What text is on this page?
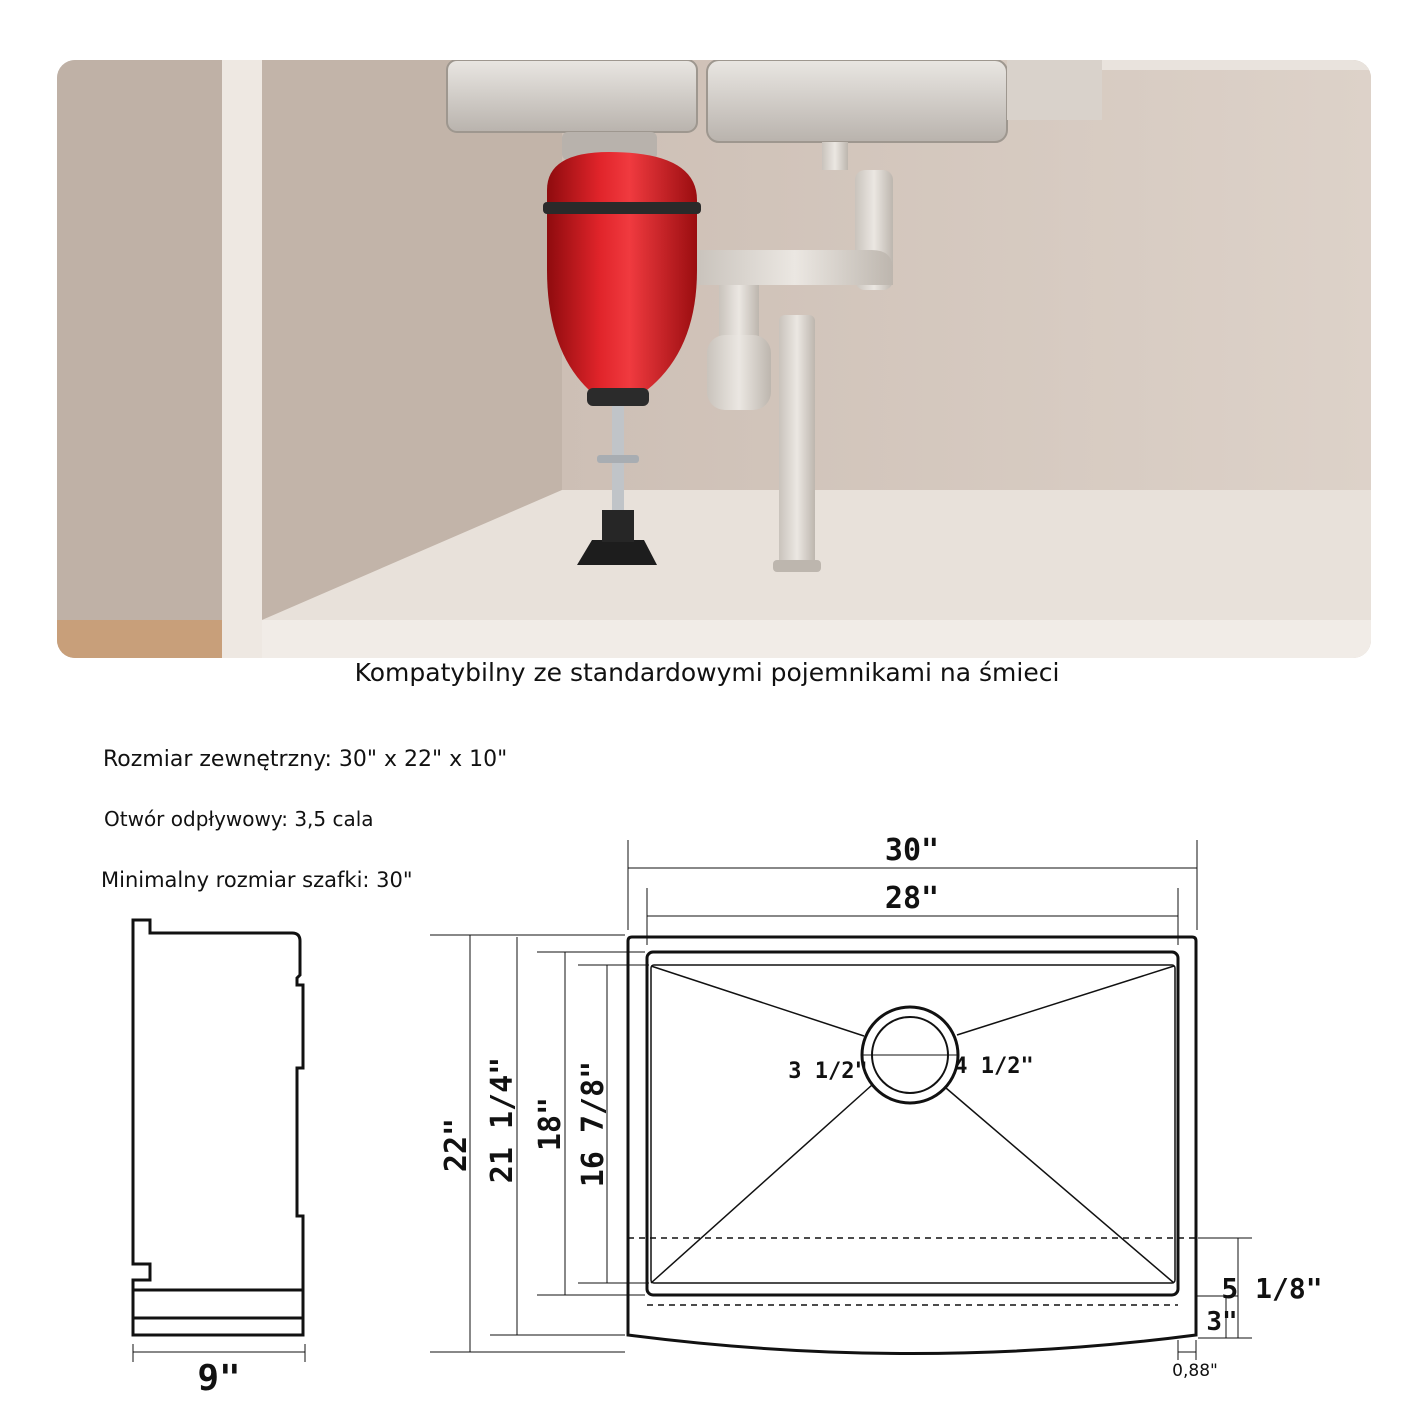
Kompatybilny ze standardowymi pojemnikami na śmieci
Rozmiar zewnętrzny: 30" x 22" x 10"
Otwór odpływowy: 3,5 cala
Minimalny rozmiar szafki: 30"
30"
28"
3 1/2"	4 1/2"
22" 21 1/4" 18" 16 7/8"
5 1/8"
3"
0,88"
9"
